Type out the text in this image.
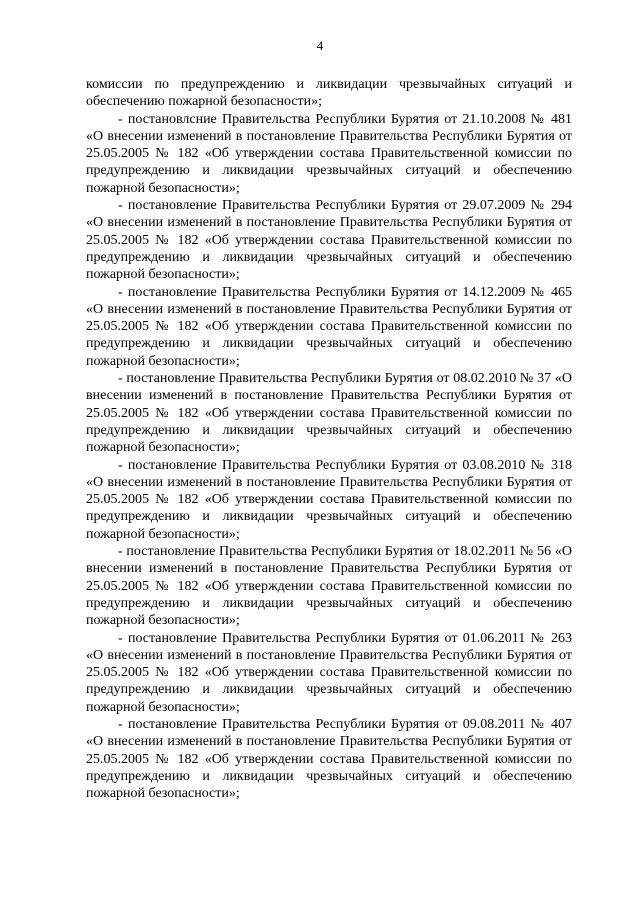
4

комиссии по предупреждению и ликвидации чрезвычайных ситуаций и обеспечению пожарной безопасности»;

- постановлсние Правительства Республики Бурятия от 21.10.2008 № 481 «О внесении изменений в постановление Правительства Республики Бурятия от 25.05.2005 № 182 «Об утверждении состава Правительственной комиссии по предупреждению и ликвидации чрезвычайных ситуаций и обеспечению пожарной безопасности»;

- постановление Правительства Республики Бурятия от 29.07.2009 № 294 «О внесении изменений в постановление Правительства Республики Бурятия от 25.05.2005 № 182 «Об утверждении состава Правительственной комиссии по предупреждению и ликвидации чрезвычайных ситуаций и обеспечению пожарной безопасности»;

- постановление Правительства Республики Бурятия от 14.12.2009 № 465 «О внесении изменений в постановление Правительства Республики Бурятия от 25.05.2005 № 182 «Об утверждении состава Правительственной комиссии по предупреждению и ликвидации чрезвычайных ситуаций и обеспечению пожарной безопасности»;

- постановление Правительства Республики Бурятия от 08.02.2010 № 37 «О внесении изменений в постановление Правительства Республики Бурятия от 25.05.2005 № 182 «Об утверждении состава Правительственной комиссии по предупреждению и ликвидации чрезвычайных ситуаций и обеспечению пожарной безопасности»;

- постановление Правительства Республики Бурятия от 03.08.2010 № 318 «О внесении изменений в постановление Правительства Республики Бурятия от 25.05.2005 № 182 «Об утверждении состава Правительственной комиссии по предупреждению и ликвидации чрезвычайных ситуаций и обеспечению пожарной безопасности»;

- постановление Правительства Республики Бурятия от 18.02.2011 № 56 «О внесении изменений в постановление Правительства Республики Бурятия от 25.05.2005 № 182 «Об утверждении состава Правительственной комиссии по предупреждению и ликвидации чрезвычайных ситуаций и обеспечению пожарной безопасности»;

- постановление Правительства Республики Бурятия от 01.06.2011 № 263 «О внесении изменений в постановление Правительства Республики Бурятия от 25.05.2005 № 182 «Об утверждении состава Правительственной комиссии по предупреждению и ликвидации чрезвычайных ситуаций и обеспечению пожарной безопасности»;

- постановление Правительства Республики Бурятия от 09.08.2011 № 407 «О внесении изменений в постановление Правительства Республики Бурятия от 25.05.2005 № 182 «Об утверждении состава Правительственной комиссии по предупреждению и ликвидации чрезвычайных ситуаций и обеспечению пожарной безопасности»;
